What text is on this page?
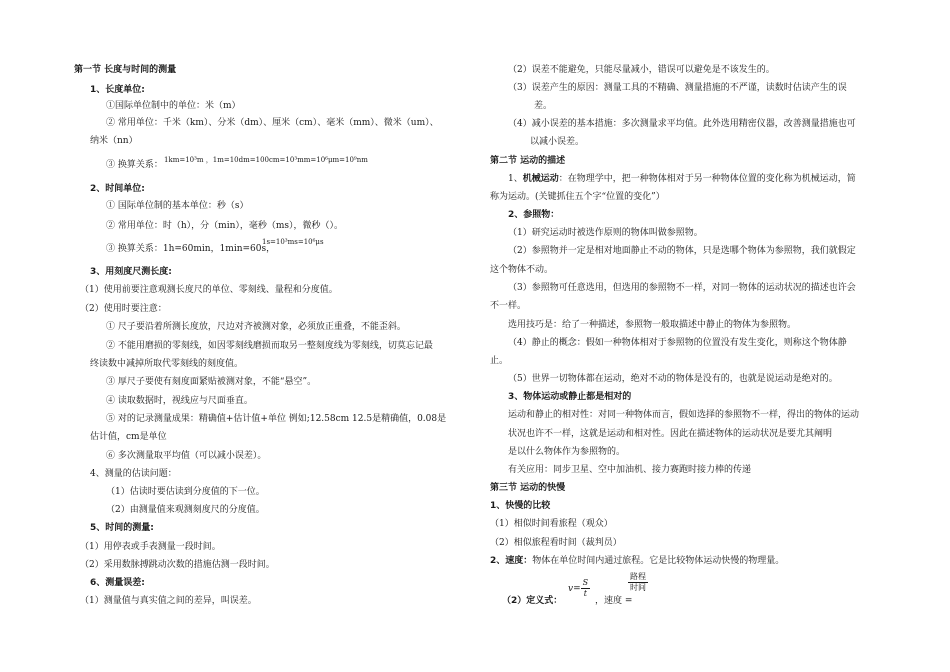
第一节 长度与时间的测量
1、长度单位:
①国际单位制中的单位：米（m）
② 常用单位：千米（km）、分米（dm）、厘米（cm）、毫米（mm）、微米（um）、
纳米（nn）
③ 换算关系： 1km=10³m ，1m=10dm=100cm=10³mm=10⁶μm=10⁹nm
2、时间单位:
① 国际单位制的基本单位：秒（s）
② 常用单位：时（h），分（min），毫秒（ms），微秒（）。
③ 换算关系：1h=60min，1min=60s，
1s=10³ms=10⁶μs
3、用刻度尺测长度:
（1）使用前要注意观测长度尺的单位、零刻线、量程和分度值。
（2）使用时要注意：
① 尺子要沿着所测长度放，尺边对齐被测对象，必须放正重叠，不能歪斜。
② 不能用磨损的零刻线，如因零刻线磨损而取另一整刻度线为零刻线，切莫忘记最
终读数中减掉所取代零刻线的刻度值。
③ 厚尺子要使有刻度面紧贴被测对象，不能“悬空”。
④ 读取数据时，视线应与尺面垂直。
⑤ 对的记录测量成果：精确值+估计值+单位 例如;12.58cm 12.5是精确值，0.08是
估计值，cm是单位
⑥ 多次测量取平均值（可以减小误差）。
4、测量的估读问题：
（1）估读时要估读到分度值的下一位。
（2）由测量值来观测刻度尺的分度值。
5、时间的测量:
（1）用停表或手表测量一段时间。
（2）采用数脉搏跳动次数的措施估测一段时间。
6、测量误差:
（1）测量值与真实值之间的差异，叫误差。
（2）误差不能避免，只能尽量减小，错误可以避免是不该发生的。
（3）误差产生的原因：测量工具的不精确、测量措施的不严谨，读数时估读产生的误
差。
（4）减小误差的基本措施：多次测量求平均值。此外选用精密仪器，改善测量措施也可
以减小误差。
第二节 运动的描述
1、机械运动：在物理学中，把一种物体相对于另一种物体位置的变化称为机械运动，简
称为运动。(关键抓住五个字“位置的变化”）
2、参照物：
（1）研究运动时被选作原则的物体叫做参照物。
（2）参照物并一定是相对地面静止不动的物体，只是选哪个物体为参照物，我们就假定
这个物体不动。
（3）参照物可任意选用，但选用的参照物不一样，对同一物体的运动状况的描述也许会
不一样。
选用技巧是：给了一种描述，参照物一般取描述中静止的物体为参照物。
（4）静止的概念：假如一种物体相对于参照物的位置没有发生变化，则称这个物体静
止。
（5）世界一切物体都在运动，绝对不动的物体是没有的，也就是说运动是绝对的。
3、物体运动或静止都是相对的
运动和静止的相对性：对同一种物体而言，假如选择的参照物不一样，得出的物体的运动
状况也许不一样，这就是运动和相对性。因此在描述物体的运动状况是要尤其阐明
是以什么物体作为参照物的。
有关应用：同步卫星、空中加油机、接力赛跑时接力棒的传递
第三节 运动的快慢
1、快慢的比较
（1）相似时间看旅程（观众）
（2）相似旅程看时间（裁判员）
2、速度：物体在单位时间内通过旅程。它是比较物体运动快慢的物理量。
（2）定义式：
$v= \frac{S}{t}$
，速度 =
$\frac{\text{路程}}{\text{时间}}$
